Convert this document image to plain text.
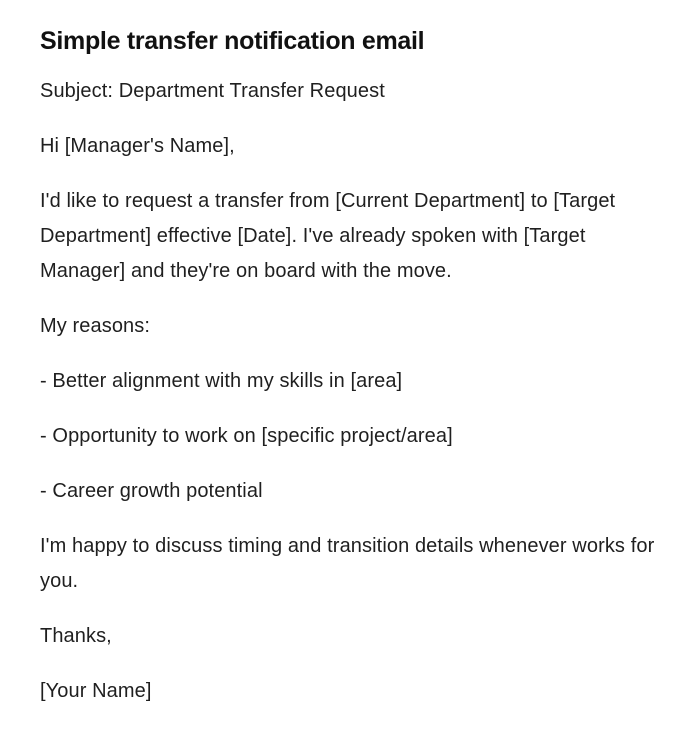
Simple transfer notification email

Subject: Department Transfer Request

Hi [Manager's Name],

I'd like to request a transfer from [Current Department] to [Target Department] effective [Date]. I've already spoken with [Target Manager] and they're on board with the move.

My reasons:

- Better alignment with my skills in [area]

- Opportunity to work on [specific project/area]

- Career growth potential

I'm happy to discuss timing and transition details whenever works for you.

Thanks,

[Your Name]
